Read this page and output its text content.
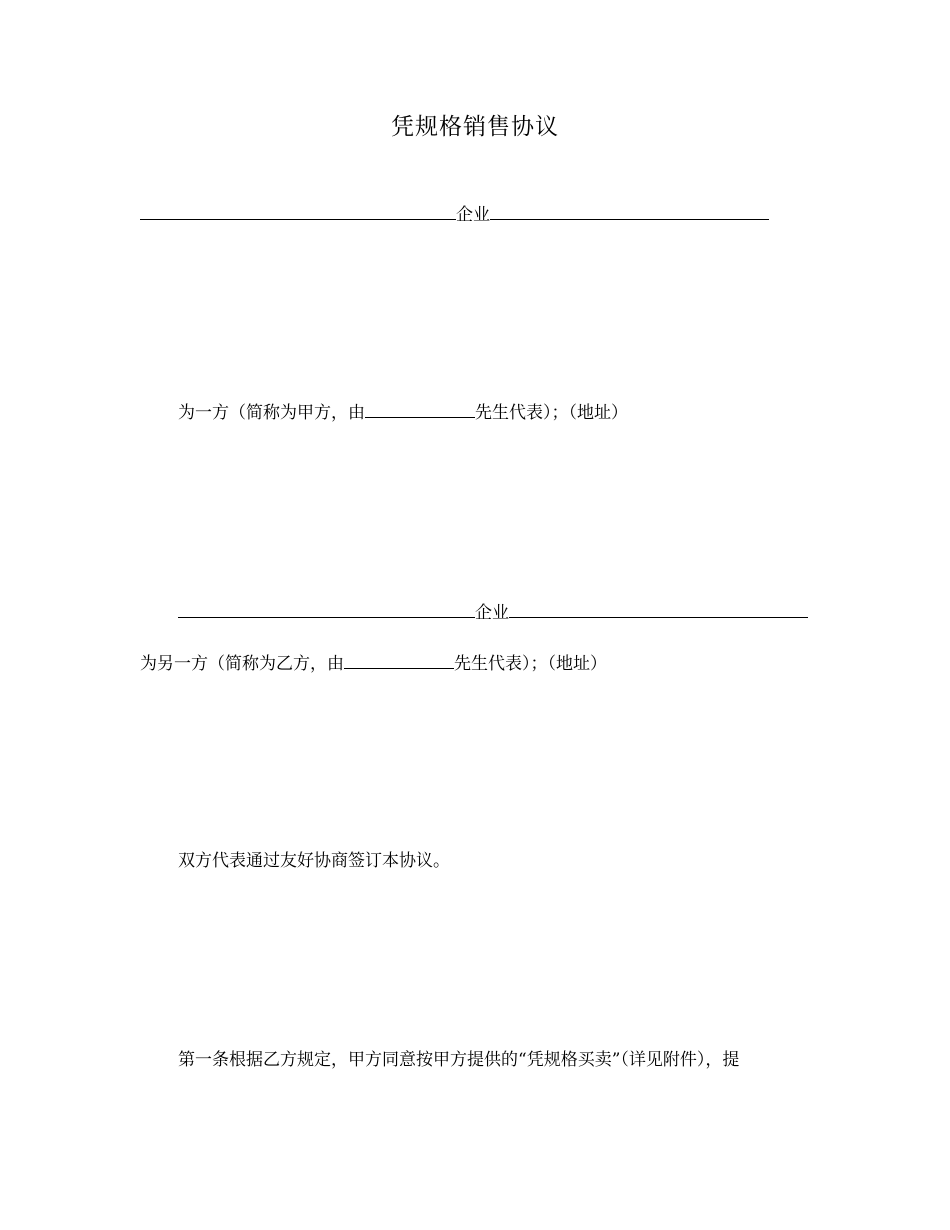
凭规格销售协议
企业
为一方（简称为甲方，由	先生代表）；（地址）
企业
为另一方（简称为乙方，由	先生代表）；（地址）
双方代表通过友好协商签订本协议。
第一条根据乙方规定，甲方同意按甲方提供的“凭规格买卖”（详见附件），提
